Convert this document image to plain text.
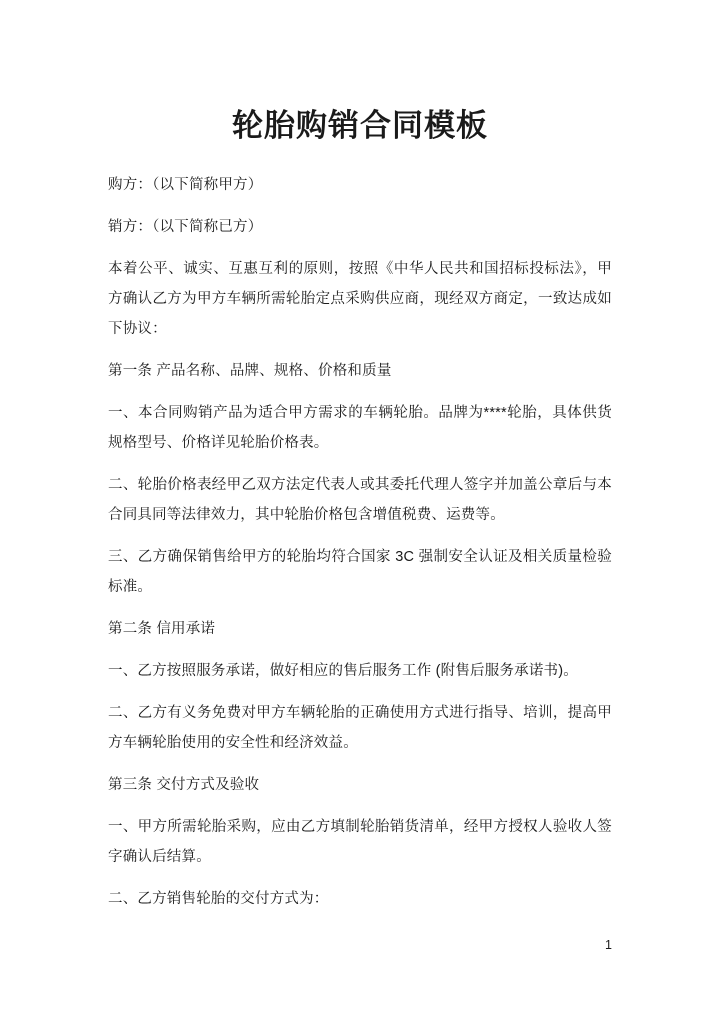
轮胎购销合同模板

购方：（以下简称甲方）

销方：（以下简称已方）

本着公平、诚实、互惠互利的原则，按照《中华人民共和国招标投标法》，甲方确认乙方为甲方车辆所需轮胎定点采购供应商，现经双方商定，一致达成如下协议：

第一条 产品名称、品牌、规格、价格和质量

一、本合同购销产品为适合甲方需求的车辆轮胎。品牌为****轮胎，具体供货规格型号、价格详见轮胎价格表。

二、轮胎价格表经甲乙双方法定代表人或其委托代理人签字并加盖公章后与本合同具同等法律效力，其中轮胎价格包含增值税费、运费等。

三、乙方确保销售给甲方的轮胎均符合国家 3C 强制安全认证及相关质量检验标准。

第二条 信用承诺

一、乙方按照服务承诺，做好相应的售后服务工作 (附售后服务承诺书)。

二、乙方有义务免费对甲方车辆轮胎的正确使用方式进行指导、培训，提高甲方车辆轮胎使用的安全性和经济效益。

第三条 交付方式及验收

一、甲方所需轮胎采购，应由乙方填制轮胎销货清单，经甲方授权人验收人签字确认后结算。

二、乙方销售轮胎的交付方式为：

1
